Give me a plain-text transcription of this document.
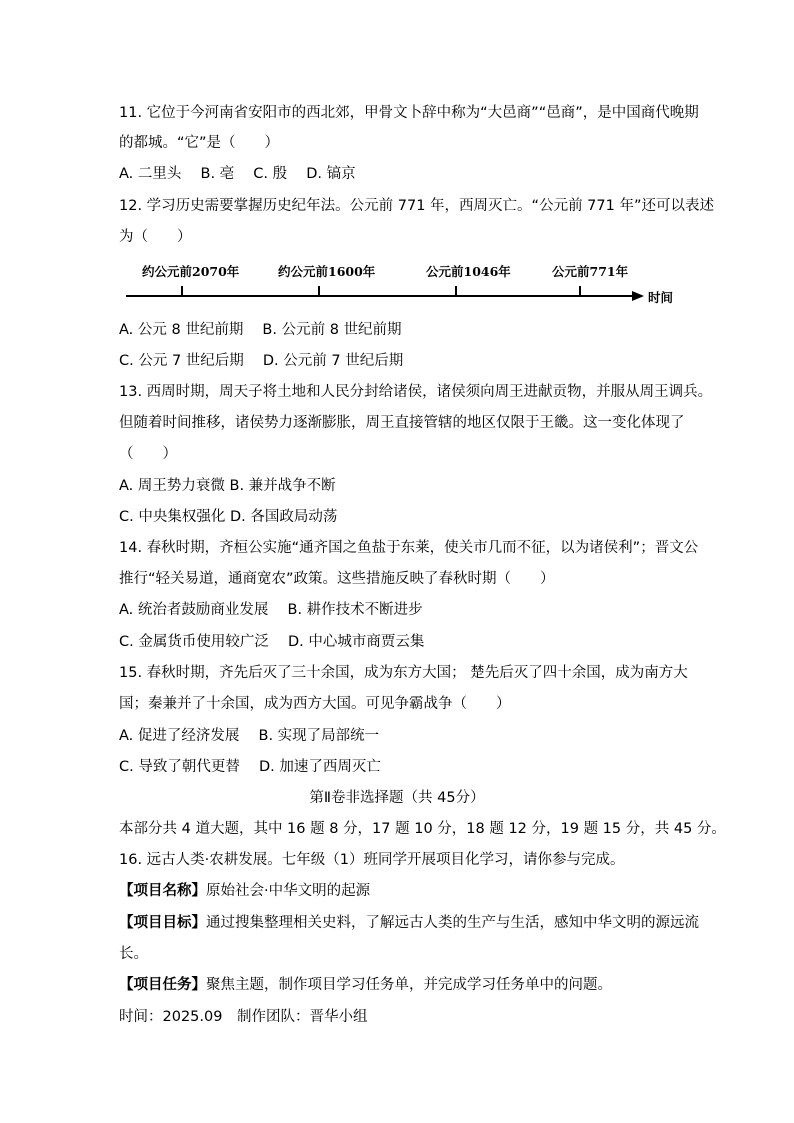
11. 它位于今河南省安阳市的西北郊，甲骨文卜辞中称为“大邑商”“邑商”，是中国商代晚期
的都城。“它”是（　　）
A. 二里头　 B. 亳　 C. 殷　 D. 镐京
12. 学习历史需要掌握历史纪年法。公元前 771 年，西周灭亡。“公元前 771 年”还可以表述
为（　　）
约公元前2070年	约公元前1600年	公元前1046年	公元前771年
时间
A. 公元 8 世纪前期　 B. 公元前 8 世纪前期
C. 公元 7 世纪后期　 D. 公元前 7 世纪后期
13. 西周时期，周天子将土地和人民分封给诸侯，诸侯须向周王进献贡物，并服从周王调兵。
但随着时间推移，诸侯势力逐渐膨胀，周王直接管辖的地区仅限于王畿。这一变化体现了
（　　）
A. 周王势力衰微 B. 兼并战争不断
C. 中央集权强化 D. 各国政局动荡
14. 春秋时期，齐桓公实施“通齐国之鱼盐于东莱，使关市几而不征，以为诸侯利”；晋文公
推行“轻关易道，通商宽农”政策。这些措施反映了春秋时期（　　）
A. 统治者鼓励商业发展　 B. 耕作技术不断进步
C. 金属货币使用较广泛　 D. 中心城市商贾云集
15. 春秋时期，齐先后灭了三十余国，成为东方大国； 楚先后灭了四十余国，成为南方大
国；秦兼并了十余国，成为西方大国。可见争霸战争（　　）
A. 促进了经济发展　 B. 实现了局部统一
C. 导致了朝代更替　 D. 加速了西周灭亡
第Ⅱ卷非选择题（共 45分）
本部分共 4 道大题，其中 16 题 8 分，17 题 10 分，18 题 12 分，19 题 15 分，共 45 分。
16. 远古人类·农耕发展。七年级（1）班同学开展项目化学习，请你参与完成。
【项目名称】原始社会·中华文明的起源
【项目目标】通过搜集整理相关史料，了解远古人类的生产与生活，感知中华文明的源远流
长。
【项目任务】聚焦主题，制作项目学习任务单，并完成学习任务单中的问题。
时间：2025.09　制作团队：晋华小组
